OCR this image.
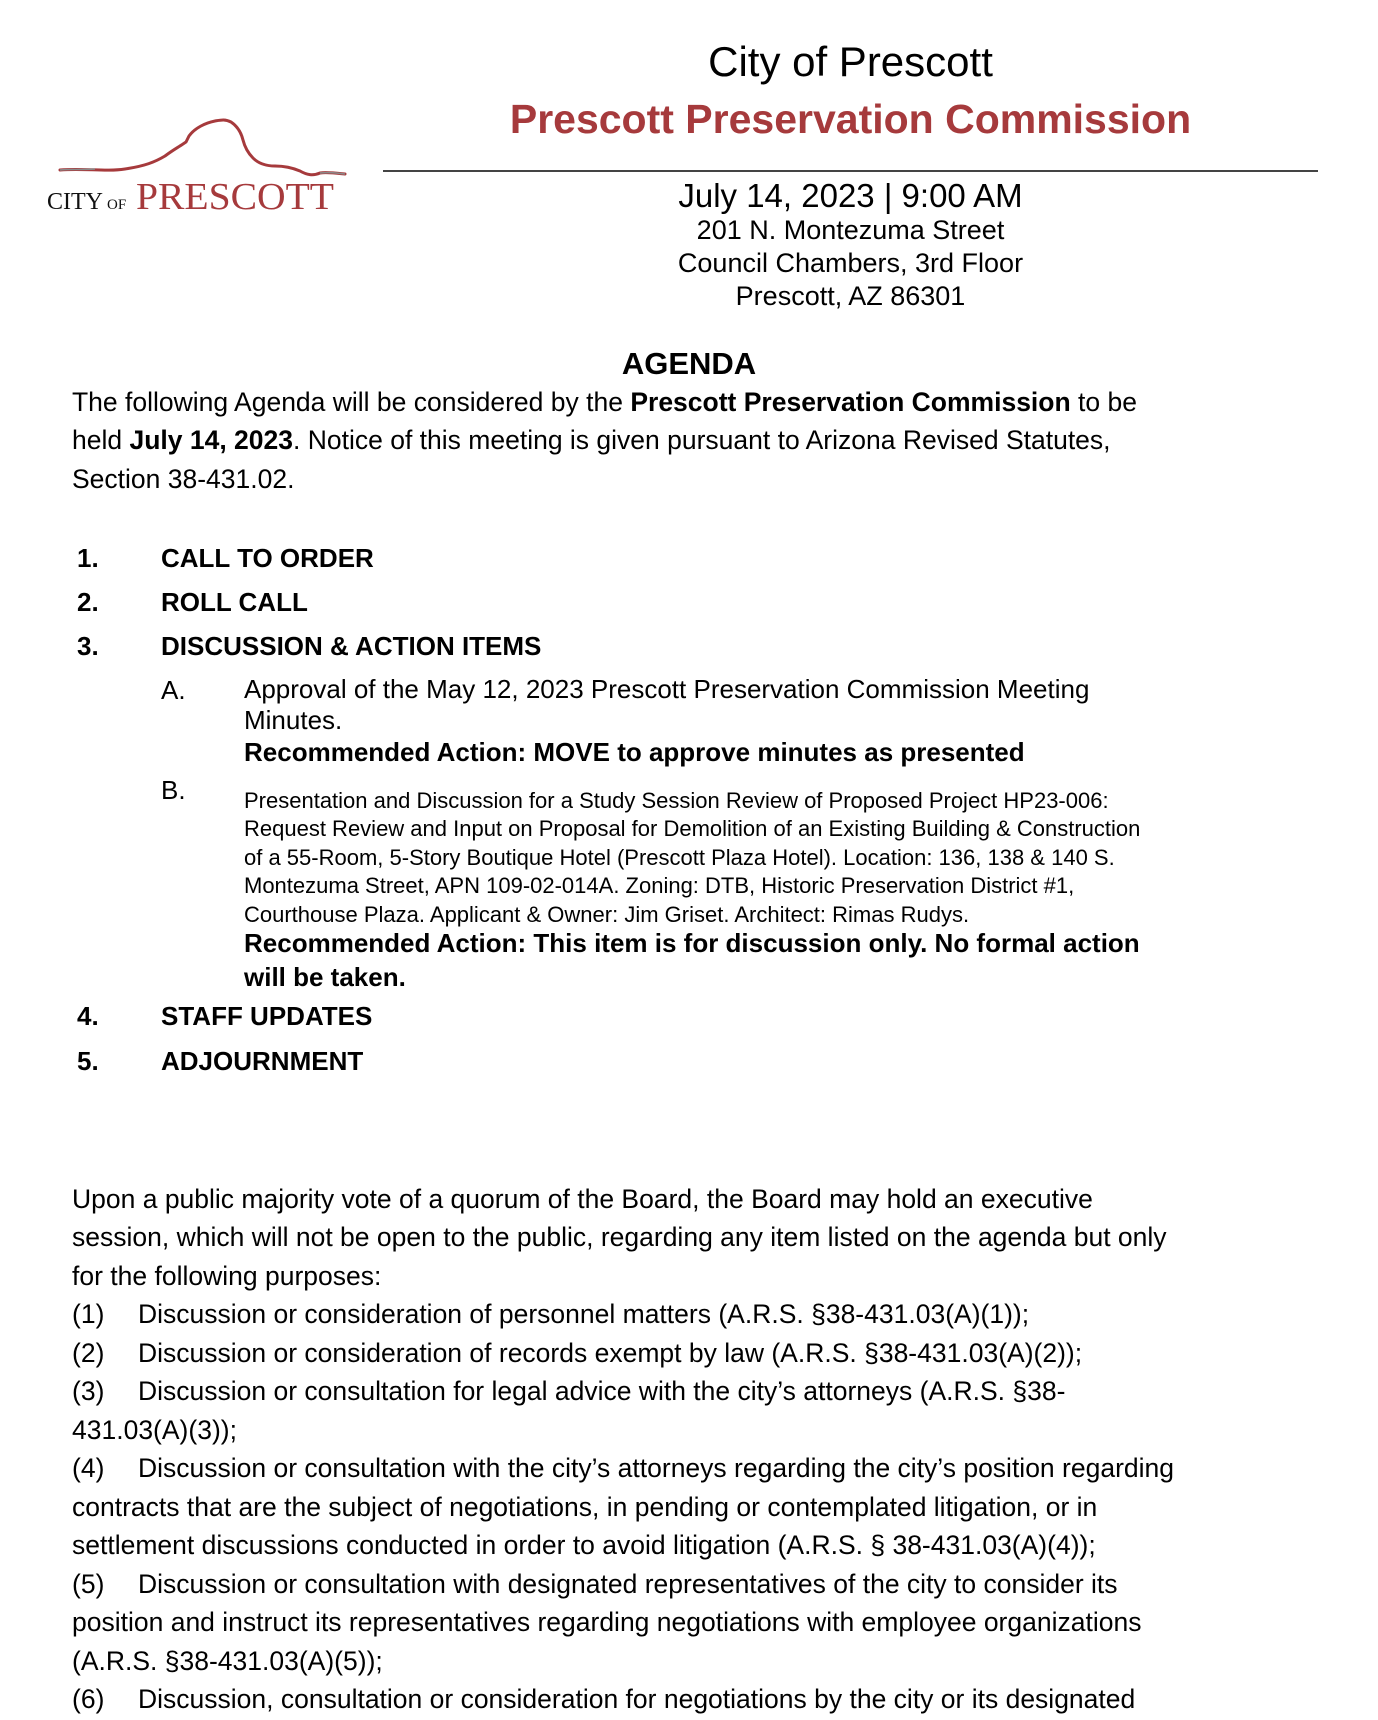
CITY OF PRESCOTT
City of Prescott
Prescott Preservation Commission
July 14, 2023 | 9:00 AM
201 N. Montezuma Street
Council Chambers, 3rd Floor
Prescott, AZ 86301
AGENDA
The following Agenda will be considered by the Prescott Preservation Commission to be
held July 14, 2023. Notice of this meeting is given pursuant to Arizona Revised Statutes,
Section 38-431.02.
1. CALL TO ORDER
2. ROLL CALL
3. DISCUSSION & ACTION ITEMS
A. Approval of the May 12, 2023 Prescott Preservation Commission Meeting
Minutes.
Recommended Action: MOVE to approve minutes as presented
B.	Presentation and Discussion for a Study Session Review of Proposed Project HP23-006:
Request Review and Input on Proposal for Demolition of an Existing Building & Construction
of a 55-Room, 5-Story Boutique Hotel (Prescott Plaza Hotel). Location: 136, 138 & 140 S.
Montezuma Street, APN 109-02-014A. Zoning: DTB, Historic Preservation District #1,
Courthouse Plaza. Applicant & Owner: Jim Griset. Architect: Rimas Rudys.
Recommended Action: This item is for discussion only. No formal action
will be taken.
4. STAFF UPDATES
5. ADJOURNMENT
Upon a public majority vote of a quorum of the Board, the Board may hold an executive
session, which will not be open to the public, regarding any item listed on the agenda but only
for the following purposes:
(1) Discussion or consideration of personnel matters (A.R.S. §38-431.03(A)(1));
(2) Discussion or consideration of records exempt by law (A.R.S. §38-431.03(A)(2));
(3) Discussion or consultation for legal advice with the city’s attorneys (A.R.S. §38-
431.03(A)(3));
(4) Discussion or consultation with the city’s attorneys regarding the city’s position regarding
contracts that are the subject of negotiations, in pending or contemplated litigation, or in
settlement discussions conducted in order to avoid litigation (A.R.S. § 38-431.03(A)(4));
(5) Discussion or consultation with designated representatives of the city to consider its
position and instruct its representatives regarding negotiations with employee organizations
(A.R.S. §38-431.03(A)(5));
(6) Discussion, consultation or consideration for negotiations by the city or its designated
